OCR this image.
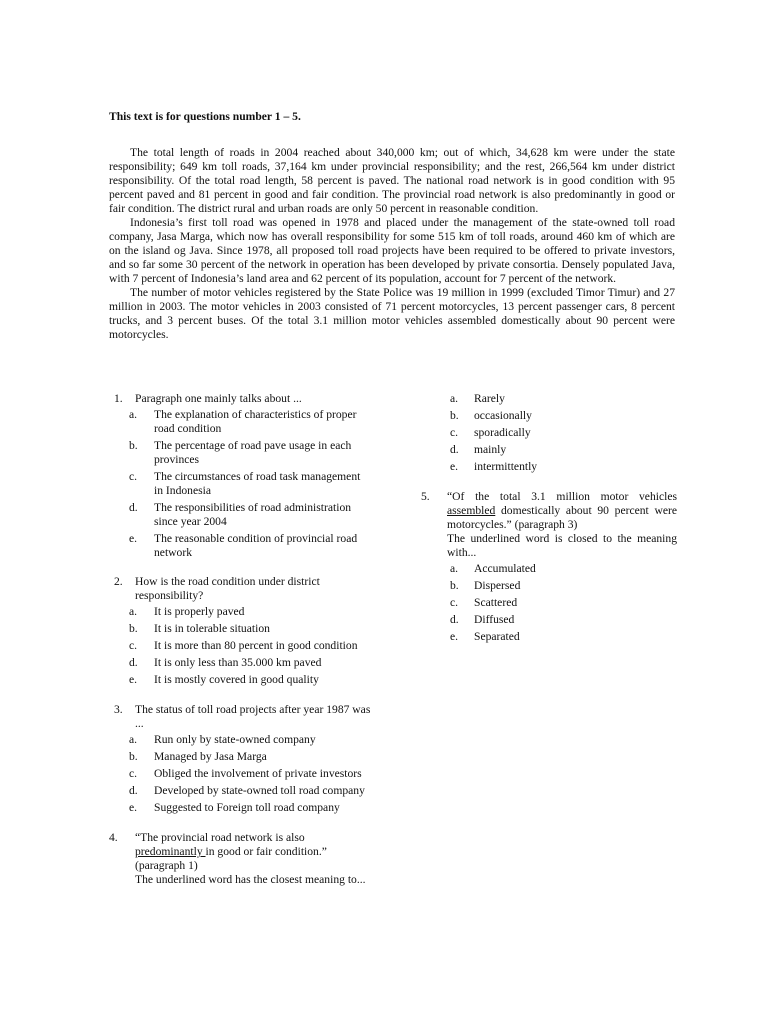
This text is for questions number 1 – 5.

The total length of roads in 2004 reached about 340,000 km; out of which, 34,628 km were under the state responsibility; 649 km toll roads, 37,164 km under provincial responsibility; and the rest, 266,564 km under district responsibility. Of the total road length, 58 percent is paved. The national road network is in good condition with 95 percent paved and 81 percent in good and fair condition. The provincial road network is also predominantly in good or fair condition. The district rural and urban roads are only 50 percent in reasonable condition.

Indonesia’s first toll road was opened in 1978 and placed under the management of the state-owned toll road company, Jasa Marga, which now has overall responsibility for some 515 km of toll roads, around 460 km of which are on the island og Java. Since 1978, all proposed toll road projects have been required to be offered to private investors, and so far some 30 percent of the network in operation has been developed by private consortia. Densely populated Java, with 7 percent of Indonesia’s land area and 62 percent of its population, account for 7 percent of the network.

The number of motor vehicles registered by the State Police was 19 million in 1999 (excluded Timor Timur) and 27 million in 2003. The motor vehicles in 2003 consisted of 71 percent motorcycles, 13 percent passenger cars, 8 percent trucks, and 3 percent buses. Of the total 3.1 million motor vehicles assembled domestically about 90 percent were motorcycles.

1.	Paragraph one mainly talks about ...
a.	The explanation of characteristics of proper road condition
b.	The percentage of road pave usage in each provinces
c.	The circumstances of road task management in Indonesia
d.	The responsibilities of road administration since year 2004
e.	The reasonable condition of provincial road network
2.	How is the road condition under district responsibility?
a.	It is properly paved
b.	It is in tolerable situation
c.	It is more than 80 percent in good condition
d.	It is only less than 35.000 km paved
e.	It is mostly covered in good quality
3.	The status of toll road projects after year 1987 was ...
a.	Run only by state-owned company
b.	Managed by Jasa Marga
c.	Obliged the involvement of private investors
d.	Developed by state-owned toll road company
e.	Suggested to Foreign toll road company
4.	“The provincial road network is also predominantly in good or fair condition.” (paragraph 1)
The underlined word has the closest meaning to...
a.	Rarely
b.	occasionally
c.	sporadically
d.	mainly
e.	intermittently
5.	“Of the total 3.1 million motor vehicles assembled domestically about 90 percent were motorcycles.” (paragraph 3)
The underlined word is closed to the meaning with...
a.	Accumulated
b.	Dispersed
c.	Scattered
d.	Diffused
e.	Separated
